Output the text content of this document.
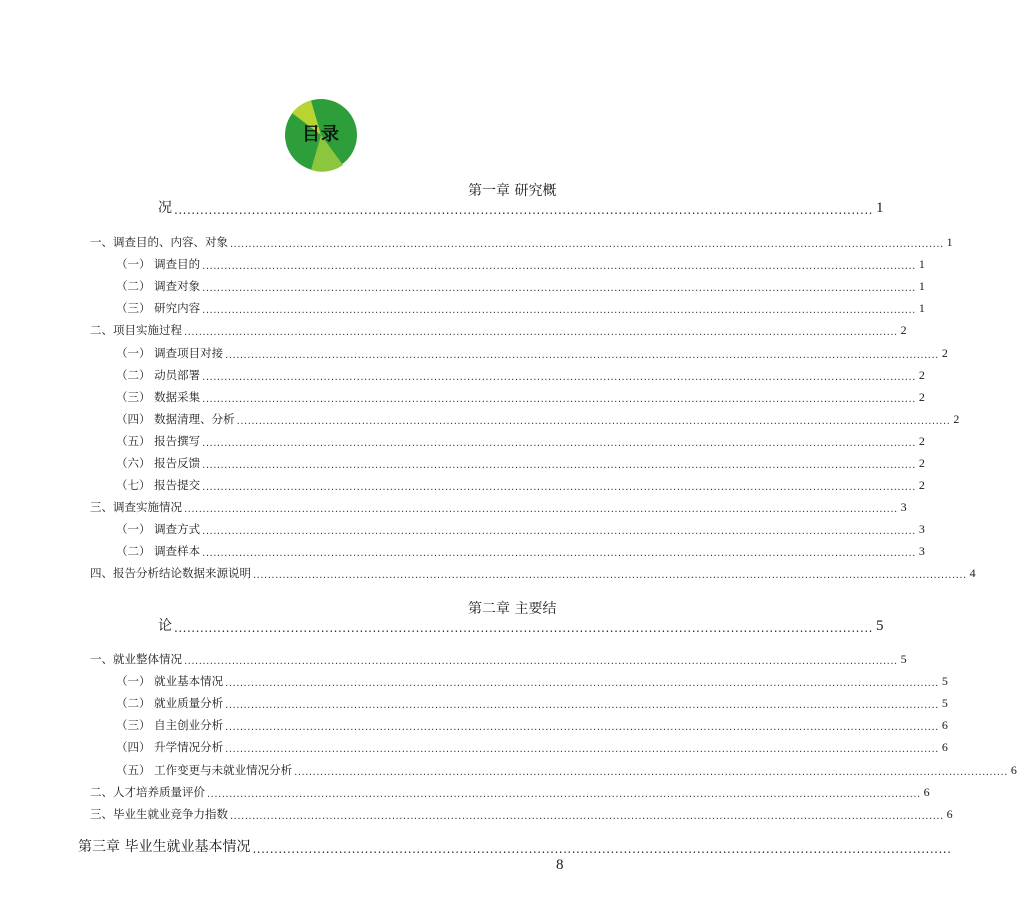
目录
第一章 研究概
况 .................................................................................................................................................................. 1
一、调查目的、内容、对象 .................................................................................................................................................................................................. 1
（一） 调查目的 .................................................................................................................................................................................................. 1
（二） 调查对象 .................................................................................................................................................................................................. 1
（三） 研究内容 .................................................................................................................................................................................................. 1
二、项目实施过程 .................................................................................................................................................................................................. 2
（一） 调查项目对接 .................................................................................................................................................................................................. 2
（二） 动员部署 .................................................................................................................................................................................................. 2
（三） 数据采集 .................................................................................................................................................................................................. 2
（四） 数据清理、分析 .................................................................................................................................................................................................. 2
（五） 报告撰写 .................................................................................................................................................................................................. 2
（六） 报告反馈 .................................................................................................................................................................................................. 2
（七） 报告提交 .................................................................................................................................................................................................. 2
三、调查实施情况 .................................................................................................................................................................................................. 3
（一） 调查方式 .................................................................................................................................................................................................. 3
（二） 调查样本 .................................................................................................................................................................................................. 3
四、报告分析结论数据来源说明 .................................................................................................................................................................................................. 4
第二章 主要结
论 .................................................................................................................................................................. 5
一、就业整体情况 .................................................................................................................................................................................................. 5
（一） 就业基本情况 .................................................................................................................................................................................................. 5
（二） 就业质量分析 .................................................................................................................................................................................................. 5
（三） 自主创业分析 .................................................................................................................................................................................................. 6
（四） 升学情况分析 .................................................................................................................................................................................................. 6
（五） 工作变更与未就业情况分析 .................................................................................................................................................................................................. 6
二、人才培养质量评价 .................................................................................................................................................................................................. 6
三、毕业生就业竞争力指数 .................................................................................................................................................................................................. 6
第三章 毕业生就业基本情况 ..................................................................................................................................................................
8
